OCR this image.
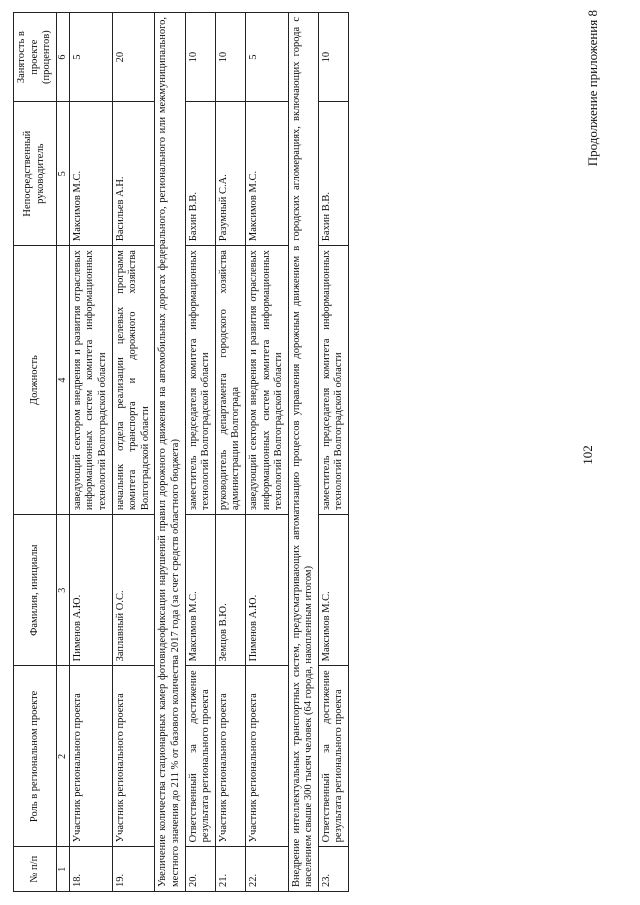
102
Продолжение приложения 8
№ п/п	Роль в региональном проекте	Фамилия, инициалы	Должность	Непосредственный руководитель	Занятость в проекте (процентов)
1	2	3	4	5	6
18.	Участник регионального проекта	Пименов А.Ю.	заведующий сектором внедрения и развития отраслевых информационных систем комитета информационных технологий Волгоградской области	Максимов М.С.	5
19.	Участник регионального проекта	Заплавный О.С.	начальник отдела реализации целевых программ комитета транспорта и дорожного хозяйства Волгоградской области	Васильев А.Н.	20
Увеличение количества стационарных камер фотовидеофиксации нарушений правил дорожного движения на автомобильных дорогах федерального, регионального или межмуниципального, местного значения до 211 % от базового количества 2017 года (за счет средств областного бюджета)					
20.	Ответственный за достижение результата регионального проекта	Максимов М.С.	заместитель председателя комитета информационных технологий Волгоградской области	Бахин В.В.	10
21.	Участник регионального проекта	Земцов В.Ю.	руководитель департамента городского хозяйства администрации Волгограда	Разумный С.А.	10
22.	Участник регионального проекта	Пименов А.Ю.	заведующий сектором внедрения и развития отраслевых информационных систем комитета информационных технологий Волгоградской области	Максимов М.С.	5
Внедрение интеллектуальных транспортных систем, предусматривающих автоматизацию процессов управления дорожным движением в городских агломерациях, включающих города с населением свыше 300 тысяч человек (64 города, накопленным итогом)					
23.	Ответственный за достижение результата регионального проекта	Максимов М.С.	заместитель председателя комитета информационных технологий Волгоградской области	Бахин В.В.	10
